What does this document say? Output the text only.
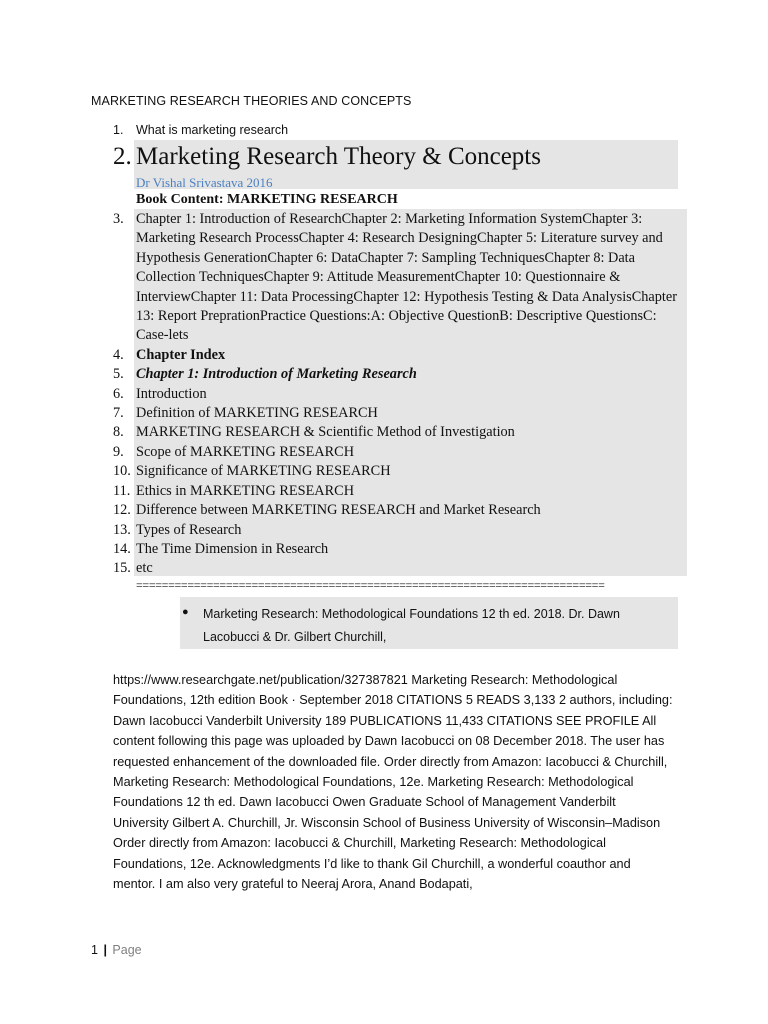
MARKETING RESEARCH THEORIES AND CONCEPTS
1. What is marketing research
2. Marketing Research Theory & Concepts
Dr Vishal Srivastava 2016
Book Content: MARKETING RESEARCH
3. Chapter 1: Introduction of ResearchChapter 2: Marketing Information SystemChapter 3: Marketing Research ProcessChapter 4: Research DesigningChapter 5: Literature survey and Hypothesis GenerationChapter 6: DataChapter 7: Sampling TechniquesChapter 8: Data Collection TechniquesChapter 9: Attitude MeasurementChapter 10: Questionnaire & InterviewChapter 11: Data ProcessingChapter 12: Hypothesis Testing & Data AnalysisChapter 13: Report PreprationPractice Questions:A: Objective QuestionB: Descriptive QuestionsC: Case-lets
4. Chapter Index
5. Chapter 1: Introduction of Marketing Research
6. Introduction
7. Definition of MARKETING RESEARCH
8. MARKETING RESEARCH & Scientific Method of Investigation
9. Scope of MARKETING RESEARCH
10. Significance of MARKETING RESEARCH
11. Ethics in MARKETING RESEARCH
12. Difference between MARKETING RESEARCH and Market Research
13. Types of Research
14. The Time Dimension in Research
15. etc
=========================================================================
● Marketing Research: Methodological Foundations 12 th ed. 2018. Dr. Dawn Lacobucci & Dr. Gilbert Churchill,
https://www.researchgate.net/publication/327387821 Marketing Research: Methodological Foundations, 12th edition Book · September 2018 CITATIONS 5 READS 3,133 2 authors, including: Dawn Iacobucci Vanderbilt University 189 PUBLICATIONS 11,433 CITATIONS SEE PROFILE All content following this page was uploaded by Dawn Iacobucci on 08 December 2018. The user has requested enhancement of the downloaded file. Order directly from Amazon: Iacobucci & Churchill, Marketing Research: Methodological Foundations, 12e. Marketing Research: Methodological Foundations 12 th ed. Dawn Iacobucci Owen Graduate School of Management Vanderbilt University Gilbert A. Churchill, Jr. Wisconsin School of Business University of Wisconsin–Madison Order directly from Amazon: Iacobucci & Churchill, Marketing Research: Methodological Foundations, 12e. Acknowledgments I’d like to thank Gil Churchill, a wonderful coauthor and mentor. I am also very grateful to Neeraj Arora, Anand Bodapati,
1 | Page
